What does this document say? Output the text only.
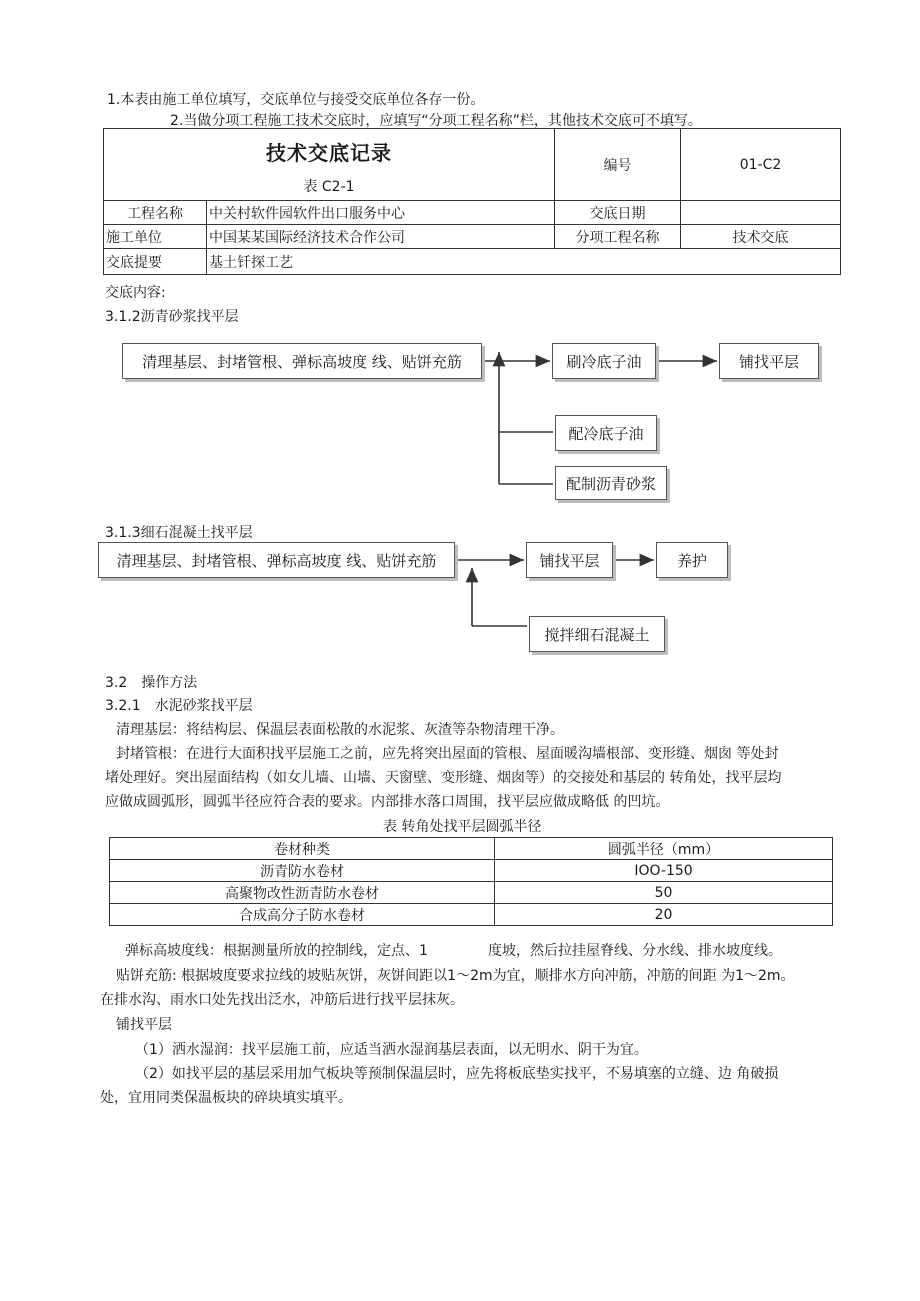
1.本表由施工单位填写，交底单位与接受交底单位各存一份。
2.当做分项工程施工技术交底时，应填写“分项工程名称”栏，其他技术交底可不填写。
技术交底记录
表 C2-1		编号	01-C2
工程名称	中关村软件园软件出口服务中心	交底日期	
施工单位	中国某某国际经济技术合作公司	分项工程名称	技术交底
交底提要	基土钎探工艺		
交底内容:
3.1.2沥青砂浆找平层
清理基层、封堵管根、弹标高坡度 线、贴饼充筋	刷冷底子油	铺找平层
配冷底子油
配制沥青砂浆
3.1.3细石混凝土找平层
清理基层、封堵管根、弹标高坡度 线、贴饼充筋	铺找平层	养护
搅拌细石混凝土
3.2　操作方法
3.2.1　水泥砂浆找平层
清理基层：将结构层、保温层表面松散的水泥浆、灰渣等杂物清理干净。
封堵管根：在进行大面积找平层施工之前，应先将突出屋面的管根、屋面暖沟墙根部、变形缝、烟囱 等处封
堵处理好。突出屋面结构（如女儿墙、山墙、天窗壁、变形缝、烟囱等）的交接处和基层的 转角处，找平层均
应做成圆弧形，圆弧半径应符合表的要求。内部排水落口周围，找平层应做成略低 的凹坑。
表 转角处找平层圆弧半径
卷材种类	圆弧半径（mm）
沥青防水卷材	IOO-150
高聚物改性沥青防水卷材	50
合成高分子防水卷材	20
弹标高坡度线：根据测量所放的控制线，定点、1	度坡，然后拉挂屋脊线、分水线、排水坡度线。
贴饼充筋: 根据坡度要求拉线的坡贴灰饼，灰饼间距以1～2m为宜，顺排水方向冲筋，冲筋的间距 为1～2m。
在排水沟、雨水口处先找出泛水，冲筋后进行找平层抹灰。
铺找平层
（1）洒水湿润：找平层施工前，应适当洒水湿润基层表面，以无明水、阴干为宜。
（2）如找平层的基层采用加气板块等预制保温层时，应先将板底垫实找平，不易填塞的立缝、边 角破损
处，宜用同类保温板块的碎块填实填平。
